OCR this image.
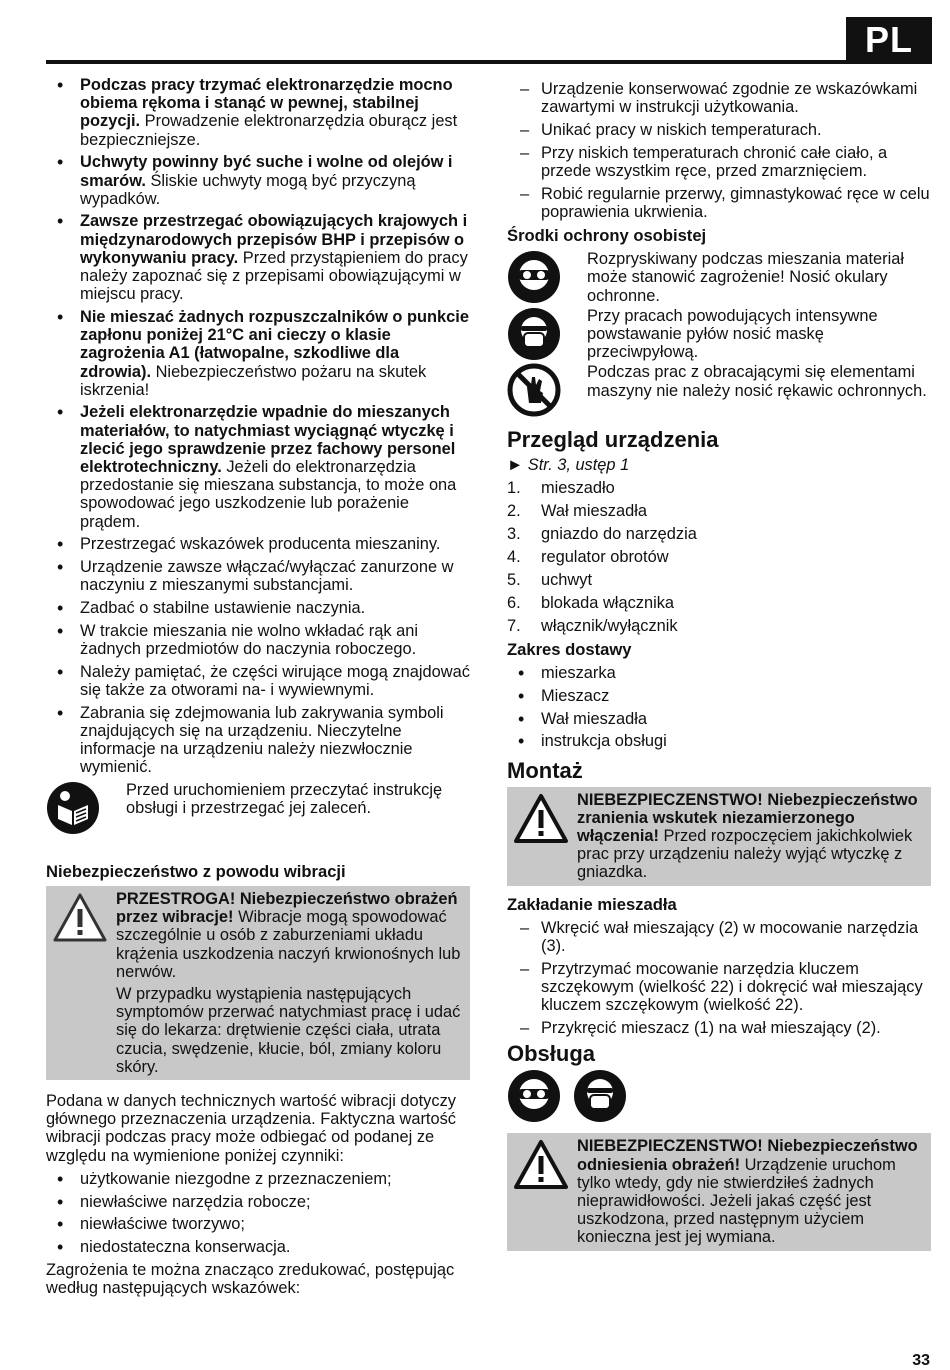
PL
• Podczas pracy trzymać elektronarzędzie mocno obiema rękoma i stanąć w pewnej, stabilnej pozycji. Prowadzenie elektronarzędzia oburącz jest bezpieczniejsze.
• Uchwyty powinny być suche i wolne od olejów i smarów. Śliskie uchwyty mogą być przyczyną wypadków.
• Zawsze przestrzegać obowiązujących krajowych i międzynarodowych przepisów BHP i przepisów o wykonywaniu pracy. Przed przystąpieniem do pracy należy zapoznać się z przepisami obowiązującymi w miejscu pracy.
• Nie mieszać żadnych rozpuszczalników o punkcie zapłonu poniżej 21°C ani cieczy o klasie zagrożenia A1 (łatwopalne, szkodliwe dla zdrowia). Niebezpieczeństwo pożaru na skutek iskrzenia!
• Jeżeli elektronarzędzie wpadnie do mieszanych materiałów, to natychmiast wyciągnąć wtyczkę i zlecić jego sprawdzenie przez fachowy personel elektrotechniczny. Jeżeli do elektronarzędzia przedostanie się mieszana substancja, to może ona spowodować jego uszkodzenie lub porażenie prądem.
• Przestrzegać wskazówek producenta mieszaniny.
• Urządzenie zawsze włączać/wyłączać zanurzone w naczyniu z mieszanymi substancjami.
• Zadbać o stabilne ustawienie naczynia.
• W trakcie mieszania nie wolno wkładać rąk ani żadnych przedmiotów do naczynia roboczego.
• Należy pamiętać, że części wirujące mogą znajdować się także za otworami na- i wywiewnymi.
• Zabrania się zdejmowania lub zakrywania symboli znajdujących się na urządzeniu. Nieczytelne informacje na urządzeniu należy niezwłocznie wymienić.

Przed uruchomieniem przeczytać instrukcję obsługi i przestrzegać jej zaleceń.

Niebezpieczeństwo z powodu wibracji

PRZESTROGA! Niebezpieczeństwo obrażeń przez wibracje! Wibracje mogą spowodować szczególnie u osób z zaburzeniami układu krążenia uszkodzenia naczyń krwionośnych lub nerwów.

W przypadku wystąpienia następujących symptomów przerwać natychmiast pracę i udać się do lekarza: drętwienie części ciała, utrata czucia, swędzenie, kłucie, ból, zmiany koloru skóry.

Podana w danych technicznych wartość wibracji dotyczy głównego przeznaczenia urządzenia. Faktyczna wartość wibracji podczas pracy może odbiegać od podanej ze względu na wymienione poniżej czynniki:

• użytkowanie niezgodne z przeznaczeniem;
• niewłaściwe narzędzia robocze;
• niewłaściwe tworzywo;
• niedostateczna konserwacja.

Zagrożenia te można znacząco zredukować, postępując według następujących wskazówek:

– Urządzenie konserwować zgodnie ze wskazówkami zawartymi w instrukcji użytkowania.
– Unikać pracy w niskich temperaturach.
– Przy niskich temperaturach chronić całe ciało, a przede wszystkim ręce, przed zmarznięciem.
– Robić regularnie przerwy, gimnastykować ręce w celu poprawienia ukrwienia.
Środki ochrony osobistej

Rozpryskiwany podczas mieszania materiał może stanowić zagrożenie! Nosić okulary ochronne.

Przy pracach powodujących intensywne powstawanie pyłów nosić maskę przeciwpyłową.

Podczas prac z obracającymi się elementami maszyny nie należy nosić rękawic ochronnych.

Przegląd urządzenia

► Str. 3, ustęp 1

1.	mieszadło
2.	Wał mieszadła
3.	gniazdo do narzędzia
4.	regulator obrotów
5.	uchwyt
6.	blokada włącznika
7.	włącznik/wyłącznik
Zakres dostawy
• mieszarka
• Mieszacz
• Wał mieszadła
• instrukcja obsługi
Montaż

NIEBEZPIECZENSTWO! Niebezpieczeństwo zranienia wskutek niezamierzonego włączenia! Przed rozpoczęciem jakichkolwiek prac przy urządzeniu należy wyjąć wtyczkę z gniazdka.

Zakładanie mieszadła
– Wkręcić wał mieszający (2) w mocowanie narzędzia (3).
– Przytrzymać mocowanie narzędzia kluczem szczękowym (wielkość 22) i dokręcić wał mieszający kluczem szczękowym (wielkość 22).
– Przykręcić mieszacz (1) na wał mieszający (2).
Obsługa

NIEBEZPIECZENSTWO! Niebezpieczeństwo odniesienia obrażeń! Urządzenie uruchom tylko wtedy, gdy nie stwierdziłeś żadnych nieprawidłowości. Jeżeli jakaś część jest uszkodzona, przed następnym użyciem konieczna jest jej wymiana.

33
